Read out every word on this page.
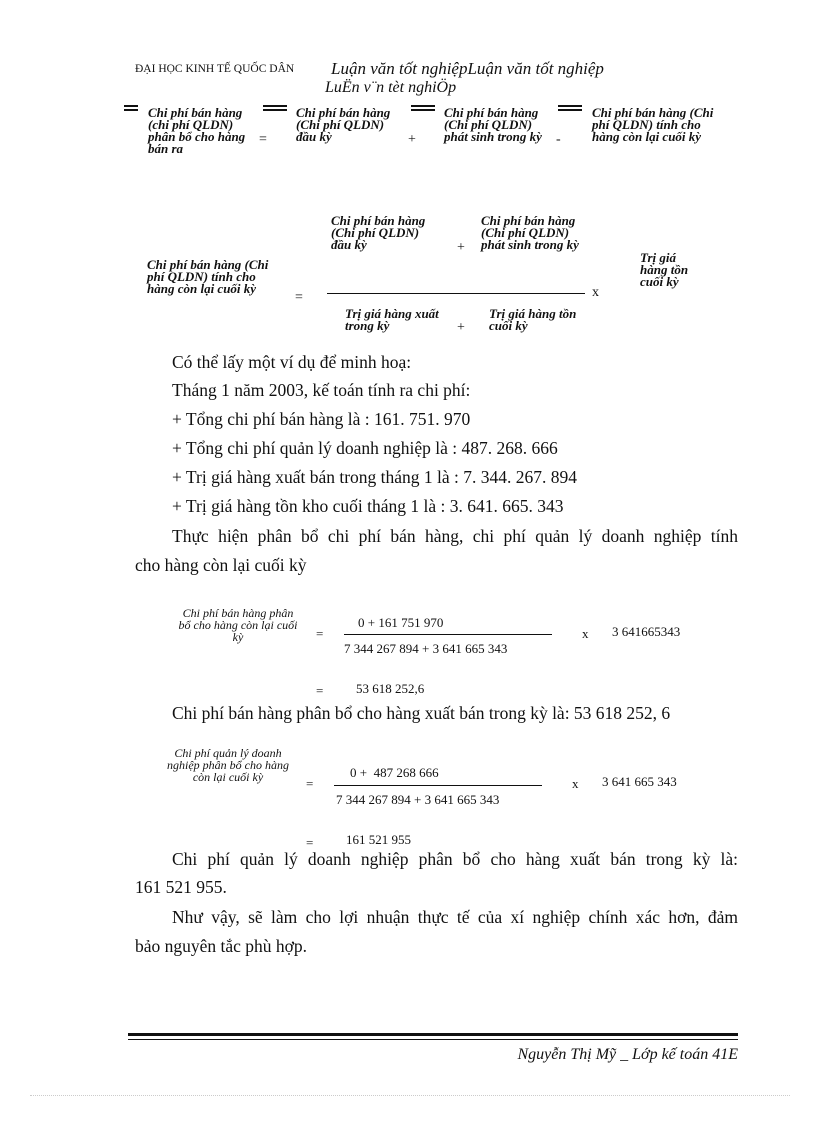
ĐẠI HỌC KINH TẾ QUỐC DÂN Luận văn tốt nghiệpLuận văn tốt nghiệp
LuËn v¨n tèt nghiÖp
Chi phí bán hàng (chi phí QLDN) phân bổ cho hàng bán ra
=
Chi phí bán hàng (Chi phí QLDN) đầu kỳ	+
Chi phí bán hàng (Chi phí QLDN) phát sinh trong kỳ	-
Chi phí bán hàng (Chi phí QLDN) tính cho hàng còn lại cuối kỳ
Chi phí bán hàng (Chi phí QLDN) tính cho hàng còn lại cuối kỳ
=
Chi phí bán hàng (Chi phí QLDN) đầu kỳ	+
Chi phí bán hàng (Chi phí QLDN) phát sinh trong kỳ
Trị giá hàng xuất trong kỳ	+
Trị giá hàng tồn cuối kỳ
x
Trị giá hàng tồn cuối kỳ
Có thể lấy một ví dụ để minh hoạ:
Tháng 1 năm 2003, kế toán tính ra chi phí:
+ Tổng chi phí bán hàng là : 161. 751. 970
+ Tổng chi phí quản lý doanh nghiệp là : 487. 268. 666
+ Trị giá hàng xuất bán trong tháng 1 là : 7. 344. 267. 894
+ Trị giá hàng tồn kho cuối tháng 1 là : 3. 641. 665. 343
Thực hiện phân bổ chi phí bán hàng, chi phí quản lý doanh nghiệp tính
cho hàng còn lại cuối kỳ
Chi phí bán hàng phân bổ cho hàng còn lại cuối kỳ	=
0 + 161 751 970
7 344 267 894 + 3 641 665 343
x 3 641665343
=	53 618 252,6
Chi phí bán hàng phân bổ cho hàng xuất bán trong kỳ là: 53 618 252, 6
Chi phí quản lý doanh nghiệp phân bổ cho hàng còn lại cuối kỳ	=
0 +  487 268 666
7 344 267 894 + 3 641 665 343
x 3 641 665 343
=	161 521 955
Chi phí quản lý doanh nghiệp phân bổ cho hàng xuất bán trong kỳ là:
161 521 955.
Như vậy, sẽ làm cho lợi nhuận thực tế của xí nghiệp chính xác hơn, đảm
bảo nguyên tắc phù hợp.
Nguyễn Thị Mỹ _ Lớp kế toán 41E
